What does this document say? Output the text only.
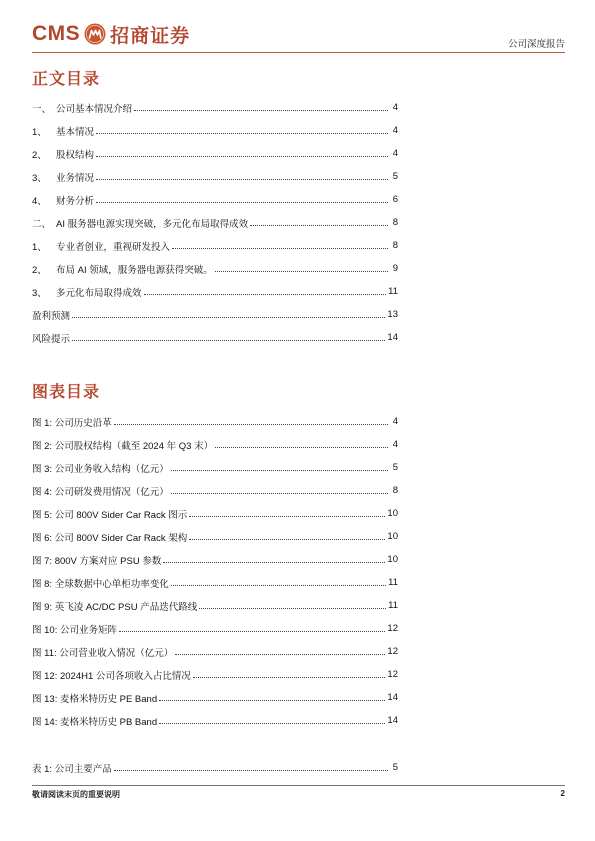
CMS 招商证券	公司深度报告
正文目录
一、 公司基本情况介绍	4
1、 基本情况	4
2、 股权结构	4
3、 业务情况	5
4、 财务分析	6
二、 AI 服务器电源实现突破，多元化布局取得成效	8
1、 专业者创业，重视研发投入	8
2、 布局 AI 领域，服务器电源获得突破。	9
3、 多元化布局取得成效	11
盈利预测	13
风险提示	14
图表目录
图 1: 公司历史沿革	4
图 2: 公司股权结构（截至 2024 年 Q3 末）	4
图 3: 公司业务收入结构（亿元）	5
图 4: 公司研发费用情况（亿元）	8
图 5: 公司 800V Sider Car Rack 图示	10
图 6: 公司 800V Sider Car Rack 架构	10
图 7: 800V 方案对应 PSU 参数	10
图 8: 全球数据中心单柜功率变化	11
图 9: 英飞凌 AC/DC PSU 产品迭代路线	11
图 10: 公司业务矩阵	12
图 11: 公司营业收入情况（亿元）	12
图 12: 2024H1 公司各项收入占比情况	12
图 13: 麦格米特历史 PE Band	14
图 14: 麦格米特历史 PB Band	14
表 1: 公司主要产品	5
敬请阅读末页的重要说明	2
